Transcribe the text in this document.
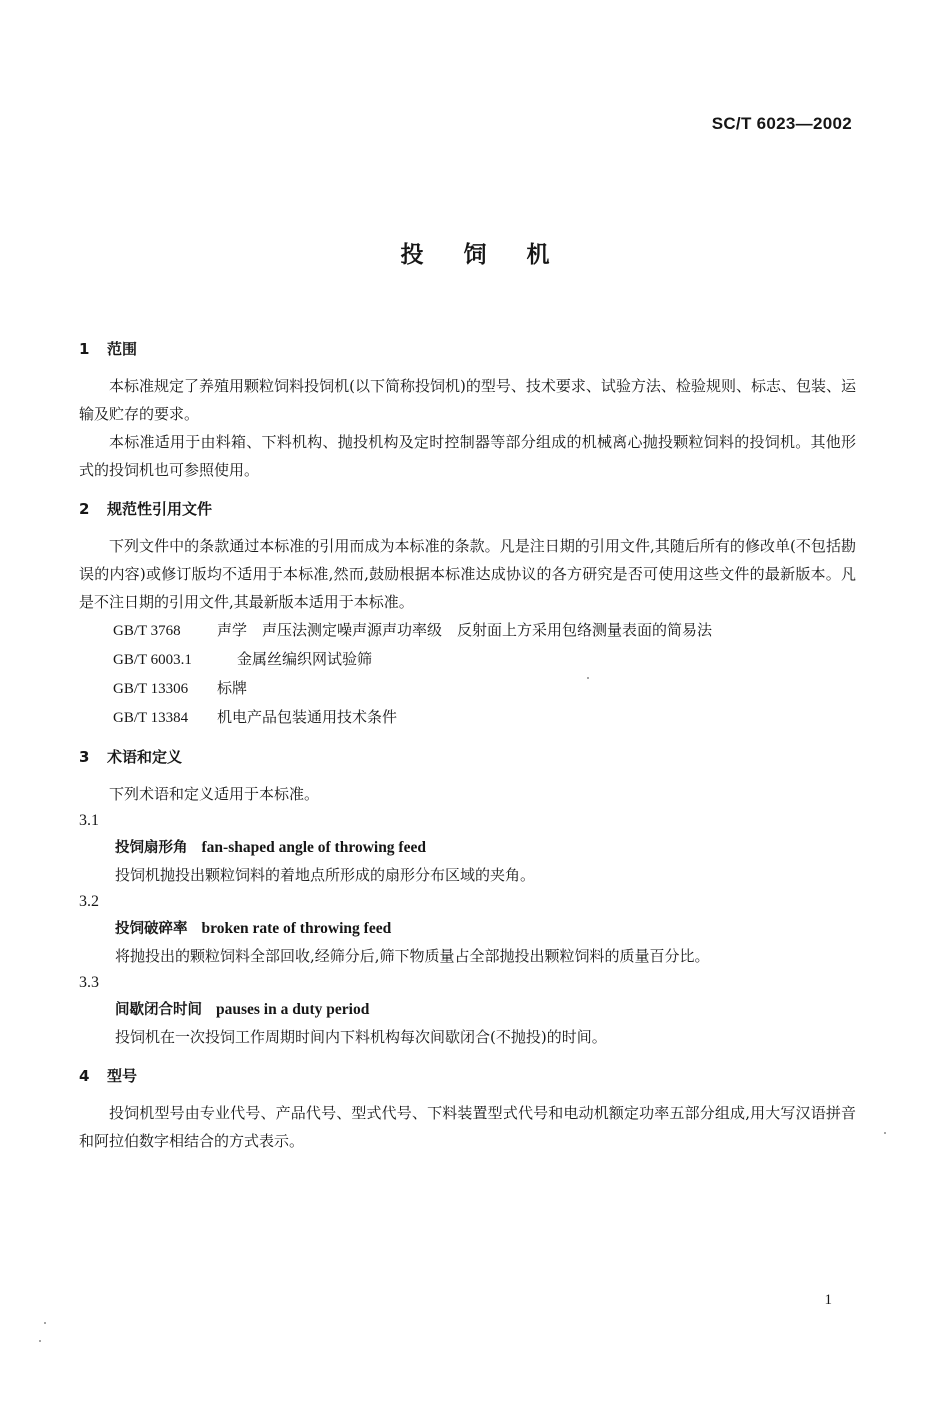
SC/T 6023—2002
投 饲 机
1 范围

本标准规定了养殖用颗粒饲料投饲机(以下简称投饲机)的型号、技术要求、试验方法、检验规则、标志、包装、运输及贮存的要求。

本标准适用于由料箱、下料机构、抛投机构及定时控制器等部分组成的机械离心抛投颗粒饲料的投饲机。其他形式的投饲机也可参照使用。

2 规范性引用文件

下列文件中的条款通过本标准的引用而成为本标准的条款。凡是注日期的引用文件,其随后所有的修改单(不包括勘误的内容)或修订版均不适用于本标准,然而,鼓励根据本标准达成协议的各方研究是否可使用这些文件的最新版本。凡是不注日期的引用文件,其最新版本适用于本标准。

GB/T 3768 声学　声压法测定噪声源声功率级　反射面上方采用包络测量表面的简易法
GB/T 6003.1	金属丝编织网试验筛
GB/T 13306 标牌
GB/T 13384 机电产品包装通用技术条件
3 术语和定义

下列术语和定义适用于本标准。

3.1
投饲扇形角 fan-shaped angle of throwing feed
投饲机抛投出颗粒饲料的着地点所形成的扇形分布区域的夹角。
3.2
投饲破碎率 broken rate of throwing feed
将抛投出的颗粒饲料全部回收,经筛分后,筛下物质量占全部抛投出颗粒饲料的质量百分比。
3.3
间歇闭合时间 pauses in a duty period
投饲机在一次投饲工作周期时间内下料机构每次间歇闭合(不抛投)的时间。
4 型号

投饲机型号由专业代号、产品代号、型式代号、下料装置型式代号和电动机额定功率五部分组成,用大写汉语拼音和阿拉伯数字相结合的方式表示。

1
